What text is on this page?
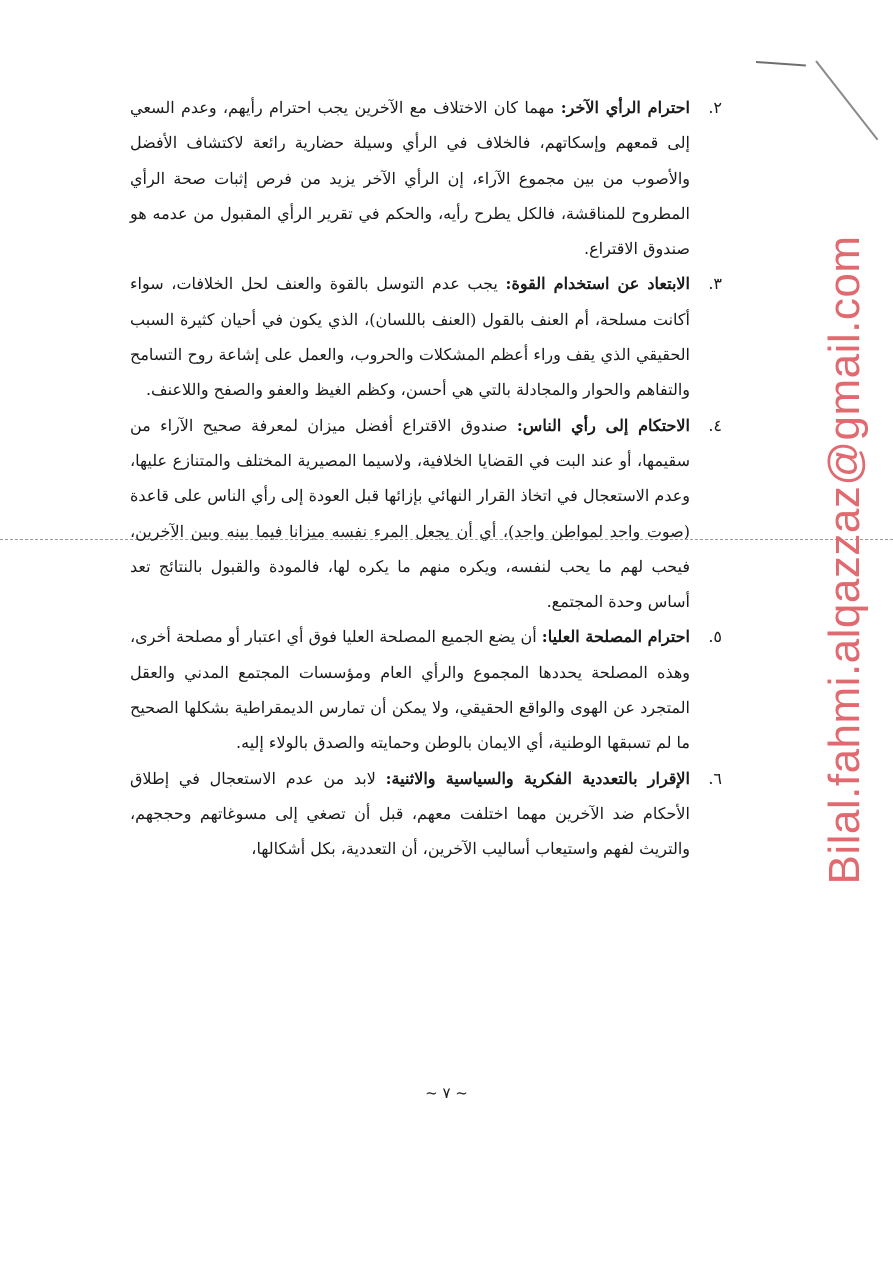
٢.
احترام الرأي الآخر: مهما كان الاختلاف مع الآخرين يجب احترام رأيهم، وعدم السعي إلى قمعهم وإسكاتهم، فالخلاف في الرأي وسيلة حضارية رائعة لاكتشاف الأفضل والأصوب من بين مجموع الآراء، إن الرأي الآخر يزيد من فرص إثبات صحة الرأي المطروح للمناقشة، فالكل يطرح رأيه، والحكم في تقرير الرأي المقبول من عدمه هو صندوق الاقتراع.

٣.
الابتعاد عن استخدام القوة: يجب عدم التوسل بالقوة والعنف لحل الخلافات، سواء أكانت مسلحة، أم العنف بالقول (العنف باللسان)، الذي يكون في أحيان كثيرة السبب الحقيقي الذي يقف وراء أعظم المشكلات والحروب، والعمل على إشاعة روح التسامح والتفاهم والحوار والمجادلة بالتي هي أحسن، وكظم الغيظ والعفو والصفح واللاعنف.

٤.
الاحتكام إلى رأي الناس: صندوق الاقتراع أفضل ميزان لمعرفة صحيح الآراء من سقيمها، أو عند البت في القضايا الخلافية، ولاسيما المصيرية المختلف والمتنازع عليها، وعدم الاستعجال في اتخاذ القرار النهائي بإزائها قبل العودة إلى رأي الناس على قاعدة (صوت واحد لمواطن واحد)، أي أن يجعل المرء نفسه ميزانا فيما بينه وبين الآخرين، فيحب لهم ما يحب لنفسه، ويكره منهم ما يكره لها، فالمودة والقبول بالنتائج تعد أساس وحدة المجتمع.

٥.
احترام المصلحة العليا: أن يضع الجميع المصلحة العليا فوق أي اعتبار أو مصلحة أخرى، وهذه المصلحة يحددها المجموع والرأي العام ومؤسسات المجتمع المدني والعقل المتجرد عن الهوى والواقع الحقيقي، ولا يمكن أن تمارس الديمقراطية بشكلها الصحيح ما لم تسبقها الوطنية، أي الايمان بالوطن وحمايته والصدق بالولاء إليه.

٦.
الإقرار بالتعددية الفكرية والسياسية والاثنية: لابد من عدم الاستعجال في إطلاق الأحكام ضد الآخرين مهما اختلفت معهم، قبل أن تصغي إلى مسوغاتهم وحججهم، والتريث لفهم واستيعاب أساليب الآخرين، أن التعددية، بكل أشكالها،	Bilal.fahmi.alqazzaz@gmail.com
~ ٧ ~
